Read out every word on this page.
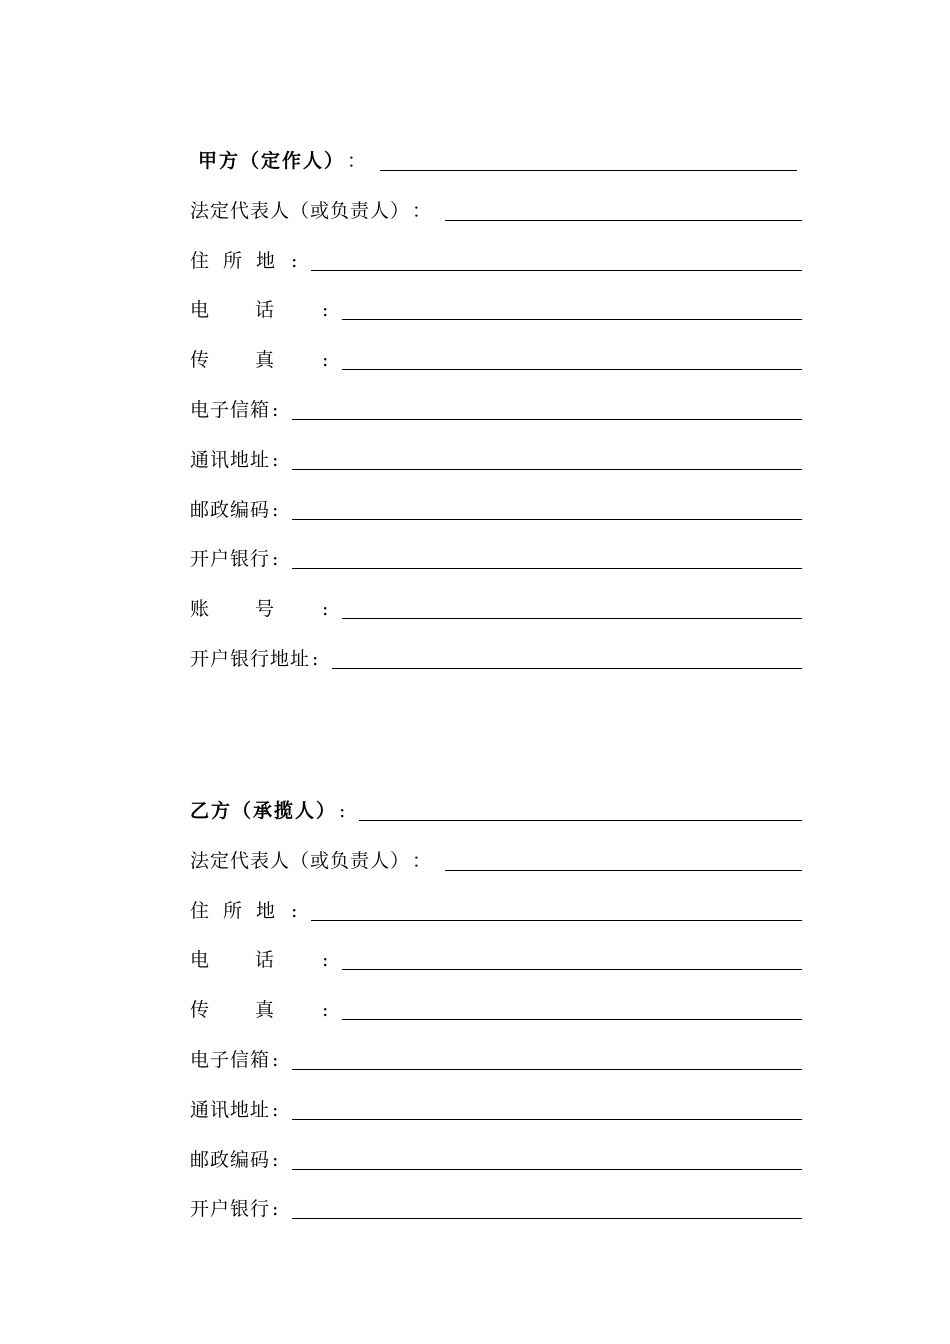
甲方（定作人） ：
法定代表人（或负责人） ：
住所地 :
电话 :
传真 :
电子信箱 :
通讯地址 :
邮政编码 :
开户银行 :
账号 :
开户银行地址 :
乙方（承揽人） :
法定代表人（或负责人） ：
住所地 :
电话 :
传真 :
电子信箱 :
通讯地址 :
邮政编码 :
开户银行 :
